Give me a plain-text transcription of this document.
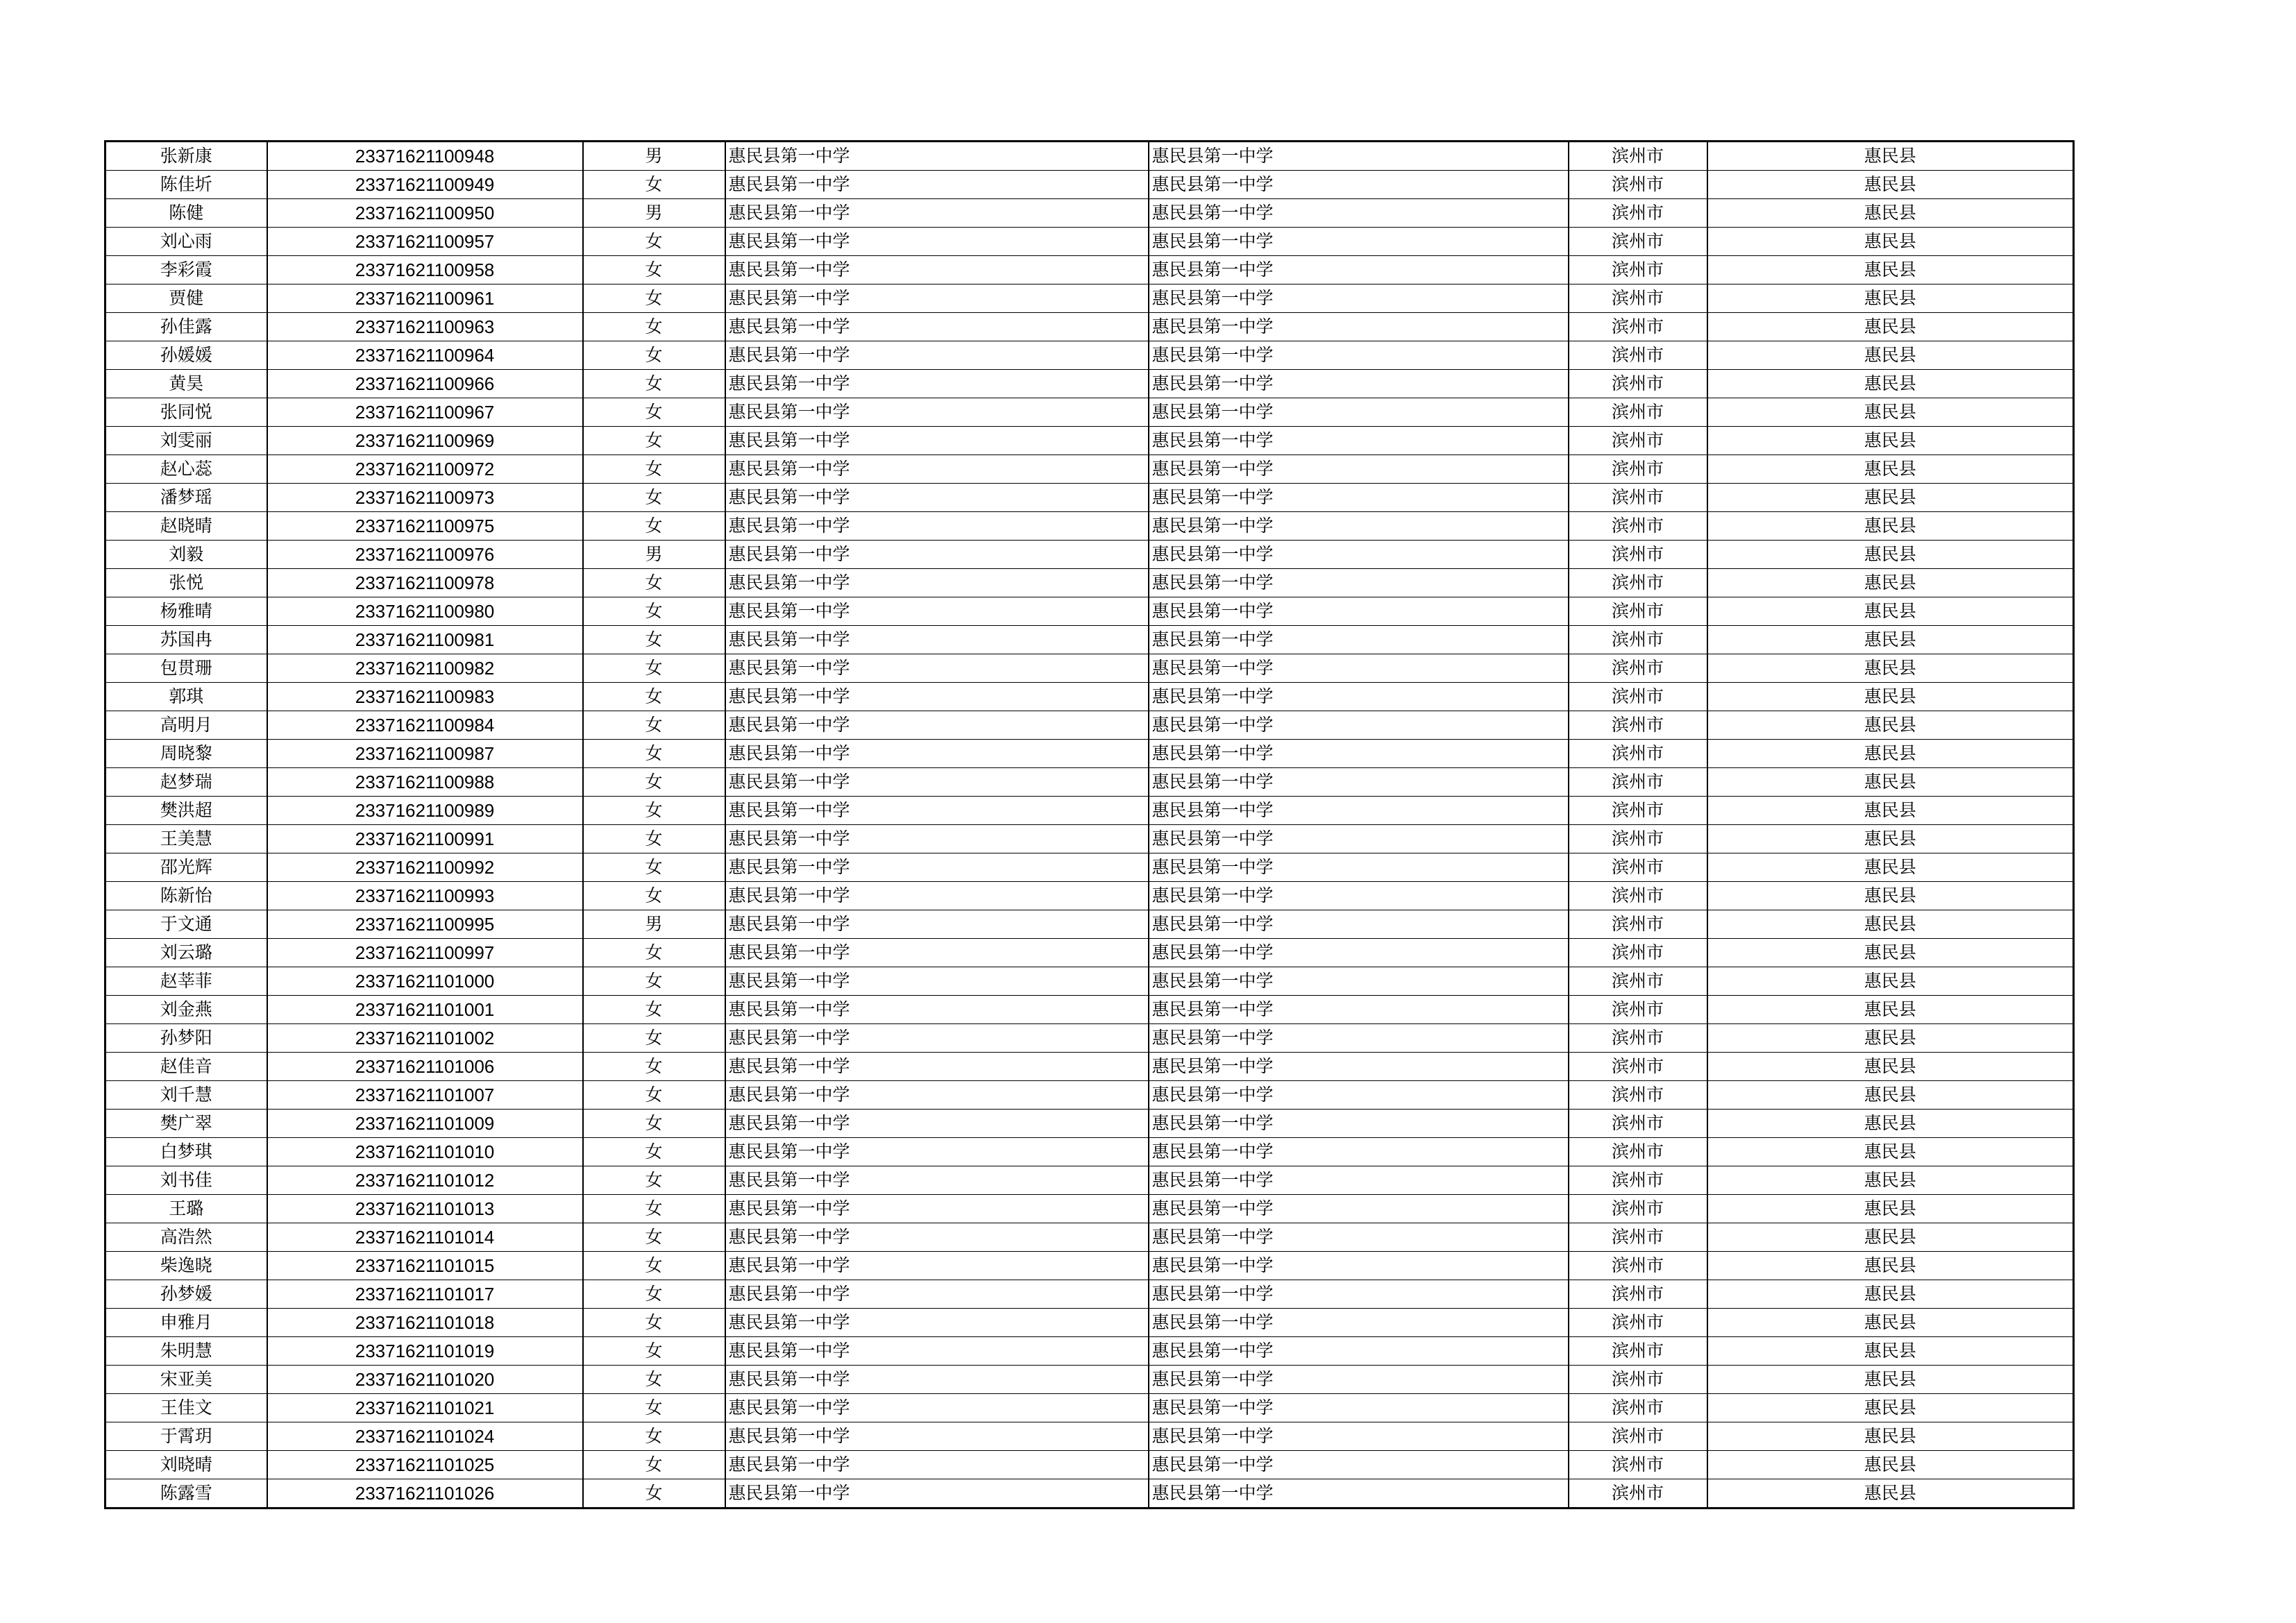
张新康	23371621100948	男	惠民县第一中学	惠民县第一中学	滨州市	惠民县
陈佳圻	23371621100949	女	惠民县第一中学	惠民县第一中学	滨州市	惠民县
陈健	23371621100950	男	惠民县第一中学	惠民县第一中学	滨州市	惠民县
刘心雨	23371621100957	女	惠民县第一中学	惠民县第一中学	滨州市	惠民县
李彩霞	23371621100958	女	惠民县第一中学	惠民县第一中学	滨州市	惠民县
贾健	23371621100961	女	惠民县第一中学	惠民县第一中学	滨州市	惠民县
孙佳露	23371621100963	女	惠民县第一中学	惠民县第一中学	滨州市	惠民县
孙媛媛	23371621100964	女	惠民县第一中学	惠民县第一中学	滨州市	惠民县
黄昊	23371621100966	女	惠民县第一中学	惠民县第一中学	滨州市	惠民县
张同悦	23371621100967	女	惠民县第一中学	惠民县第一中学	滨州市	惠民县
刘雯丽	23371621100969	女	惠民县第一中学	惠民县第一中学	滨州市	惠民县
赵心蕊	23371621100972	女	惠民县第一中学	惠民县第一中学	滨州市	惠民县
潘梦瑶	23371621100973	女	惠民县第一中学	惠民县第一中学	滨州市	惠民县
赵晓晴	23371621100975	女	惠民县第一中学	惠民县第一中学	滨州市	惠民县
刘毅	23371621100976	男	惠民县第一中学	惠民县第一中学	滨州市	惠民县
张悦	23371621100978	女	惠民县第一中学	惠民县第一中学	滨州市	惠民县
杨雅晴	23371621100980	女	惠民县第一中学	惠民县第一中学	滨州市	惠民县
苏国冉	23371621100981	女	惠民县第一中学	惠民县第一中学	滨州市	惠民县
包贯珊	23371621100982	女	惠民县第一中学	惠民县第一中学	滨州市	惠民县
郭琪	23371621100983	女	惠民县第一中学	惠民县第一中学	滨州市	惠民县
高明月	23371621100984	女	惠民县第一中学	惠民县第一中学	滨州市	惠民县
周晓黎	23371621100987	女	惠民县第一中学	惠民县第一中学	滨州市	惠民县
赵梦瑞	23371621100988	女	惠民县第一中学	惠民县第一中学	滨州市	惠民县
樊洪超	23371621100989	女	惠民县第一中学	惠民县第一中学	滨州市	惠民县
王美慧	23371621100991	女	惠民县第一中学	惠民县第一中学	滨州市	惠民县
邵光辉	23371621100992	女	惠民县第一中学	惠民县第一中学	滨州市	惠民县
陈新怡	23371621100993	女	惠民县第一中学	惠民县第一中学	滨州市	惠民县
于文通	23371621100995	男	惠民县第一中学	惠民县第一中学	滨州市	惠民县
刘云璐	23371621100997	女	惠民县第一中学	惠民县第一中学	滨州市	惠民县
赵莘菲	23371621101000	女	惠民县第一中学	惠民县第一中学	滨州市	惠民县
刘金燕	23371621101001	女	惠民县第一中学	惠民县第一中学	滨州市	惠民县
孙梦阳	23371621101002	女	惠民县第一中学	惠民县第一中学	滨州市	惠民县
赵佳音	23371621101006	女	惠民县第一中学	惠民县第一中学	滨州市	惠民县
刘千慧	23371621101007	女	惠民县第一中学	惠民县第一中学	滨州市	惠民县
樊广翠	23371621101009	女	惠民县第一中学	惠民县第一中学	滨州市	惠民县
白梦琪	23371621101010	女	惠民县第一中学	惠民县第一中学	滨州市	惠民县
刘书佳	23371621101012	女	惠民县第一中学	惠民县第一中学	滨州市	惠民县
王璐	23371621101013	女	惠民县第一中学	惠民县第一中学	滨州市	惠民县
高浩然	23371621101014	女	惠民县第一中学	惠民县第一中学	滨州市	惠民县
柴逸晓	23371621101015	女	惠民县第一中学	惠民县第一中学	滨州市	惠民县
孙梦媛	23371621101017	女	惠民县第一中学	惠民县第一中学	滨州市	惠民县
申雅月	23371621101018	女	惠民县第一中学	惠民县第一中学	滨州市	惠民县
朱明慧	23371621101019	女	惠民县第一中学	惠民县第一中学	滨州市	惠民县
宋亚美	23371621101020	女	惠民县第一中学	惠民县第一中学	滨州市	惠民县
王佳文	23371621101021	女	惠民县第一中学	惠民县第一中学	滨州市	惠民县
于霄玥	23371621101024	女	惠民县第一中学	惠民县第一中学	滨州市	惠民县
刘晓晴	23371621101025	女	惠民县第一中学	惠民县第一中学	滨州市	惠民县
陈露雪	23371621101026	女	惠民县第一中学	惠民县第一中学	滨州市	惠民县
